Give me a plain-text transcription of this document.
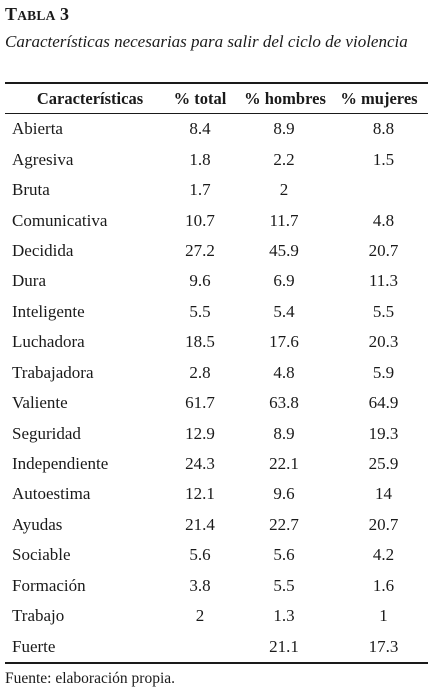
TABLA 3
Características necesarias para salir del ciclo de violencia
Características % total % hombres % mujeres
Abierta	8.4	8.9	8.8
Agresiva	1.8	2.2	1.5
Bruta	1.7	2	
Comunicativa	10.7	11.7	4.8
Decidida	27.2	45.9	20.7
Dura	9.6	6.9	11.3
Inteligente	5.5	5.4	5.5
Luchadora	18.5	17.6	20.3
Trabajadora	2.8	4.8	5.9
Valiente	61.7	63.8	64.9
Seguridad	12.9	8.9	19.3
Independiente	24.3	22.1	25.9
Autoestima	12.1	9.6	14
Ayudas	21.4	22.7	20.7
Sociable	5.6	5.6	4.2
Formación	3.8	5.5	1.6
Trabajo	2	1.3	1
Fuerte		21.1	17.3
Fuente: elaboración propia.
